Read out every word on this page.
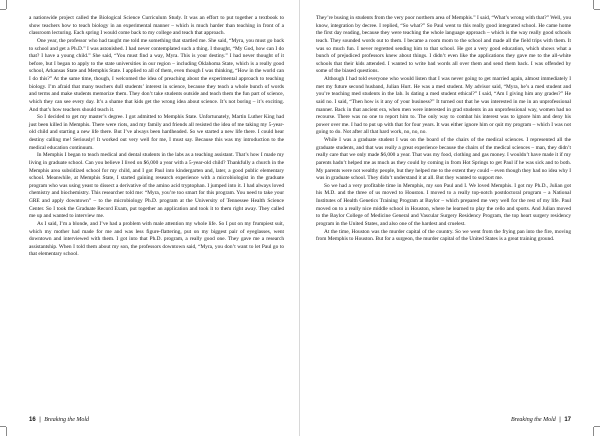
a nationwide project called the Biological Science Curriculum Study. It was an effort to put together a textbook to show teachers how to teach biology in an experimental manner – which is much harder than teaching in front of a classroom lecturing. Each spring I would come back to my college and teach that approach.

One year, the professor who had taught me told me something that startled me. She said, “Myra, you must go back to school and get a Ph.D.” I was astonished. I had never contemplated such a thing. I thought, “My God, how can I do that? I have a young child.” She said, “You must find a way, Myra. This is your destiny.” I had never thought of it before, but I began to apply to the state universities in our region – including Oklahoma State, which is a really good school, Arkansas State and Memphis State. I applied to all of them, even though I was thinking, “How in the world can I do this?” At the same time, though, I welcomed the idea of preaching about the experimental approach to teaching biology. I’m afraid that many teachers dull students’ interest in science, because they teach a whole bunch of words and terms and make students memorize them. They don’t take students outside and teach them the fun part of science, which they can see every day. It’s a shame that kids get the wrong idea about science. It’s not boring – it’s exciting. And that’s how teachers should teach it.

So I decided to get my master’s degree. I got admitted to Memphis State. Unfortunately, Martin Luther King had just been killed in Memphis. There were riots, and my family and friends all resisted the idea of me taking my 5-year-old child and starting a new life there. But I’ve always been hardheaded. So we started a new life there. I could hear destiny calling me! Seriously! It worked out very well for me, I must say. Because this was my introduction to the medical education continuum.

In Memphis I began to teach medical and dental students in the labs as a teaching assistant. That’s how I made my living in graduate school. Can you believe I lived on $6,000 a year with a 5-year-old child? Thankfully a church in the Memphis area subsidized school for my child, and I got Paul into kindergarten and, later, a good public elementary school. Meanwhile, at Memphis State, I started gaining research experience with a microbiologist in the graduate program who was using yeast to dissect a derivative of the amino acid tryptophan. I jumped into it. I had always loved chemistry and biochemistry. This researcher told me: “Myra, you’re too smart for this program. You need to take your GRE and apply downtown” – to the microbiology Ph.D. program at the University of Tennessee Health Science Center. So I took the Graduate Record Exam, put together an application and took it to them right away. They called me up and wanted to interview me.

As I said, I’m a blonde, and I’ve had a problem with male attention my whole life. So I put on my frumpiest suit, which my mother had made for me and was less figure-flattering, put on my biggest pair of eyeglasses, went downtown and interviewed with them. I got into that Ph.D. program, a really good one. They gave me a research assistantship. When I told them about my son, the professors downtown said, “Myra, you don’t want to let Paul go to that elementary school.

16 | Breaking the Mold

They’re busing in students from the very poor northern area of Memphis.” I said, “What’s wrong with that?” Well, you know, integration by decree. I replied, “So what?” So Paul went to this really good integrated school. He came home the first day reading, because they were teaching the whole language approach – which is the way really good schools teach. They sounded words out to them. I became a room mom to the school and made all the field trips with them. It was so much fun. I never regretted sending him to that school. He got a very good education, which shows what a bunch of prejudiced professors knew about things. I didn’t even like the applications they gave me to the all-white schools that their kids attended. I wanted to write bad words all over them and send them back. I was offended by some of the biased questions.

Although I had told everyone who would listen that I was never going to get married again, almost immediately I met my future second husband, Julian Hurt. He was a med student. My advisor said, “Myra, he’s a med student and you’re teaching med students in the lab. Is dating a med student ethical?” I said, “Am I giving him any grades?” He said no. I said, “Then how is it any of your business?” It turned out that he was interested in me in an unprofessional manner. Back in that ancient era, when men were interested in grad students in an unprofessional way, women had no recourse. There was no one to report him to. The only way to combat his interest was to ignore him and deny his power over me. I had to put up with that for four years. It was either ignore him or quit my program – which I was not going to do. Not after all that hard work, no, no, no.

While I was a graduate student I was on the board of the chairs of the medical sciences. I represented all the graduate students, and that was really a great experience because the chairs of the medical sciences – man, they didn’t really care that we only made $6,000 a year. That was my food, clothing and gas money. I wouldn’t have made it if my parents hadn’t helped me as much as they could by coming in from Hot Springs to get Paul if he was sick and to both. My parents were not wealthy people, but they helped me to the extent they could – even though they had no idea why I was in graduate school. They didn’t understand it at all. But they wanted to support me.

So we had a very profitable time in Memphis, my son Paul and I. We loved Memphis. I got my Ph.D., Julian got his M.D. and the three of us moved to Houston. I moved to a really top-notch postdoctoral program – a National Institutes of Health Genetics Training Program at Baylor – which prepared me very well for the rest of my life. Paul moved on to a really nice middle school in Houston, where he learned to play the cello and sports. And Julian moved to the Baylor College of Medicine General and Vascular Surgery Residency Program, the top heart surgery residency program in the United States, and also one of the hardest and cruelest.

At the time, Houston was the murder capital of the country. So we went from the frying pan into the fire, moving from Memphis to Houston. But for a surgeon, the murder capital of the United States is a great training ground.

Breaking the Mold | 17
